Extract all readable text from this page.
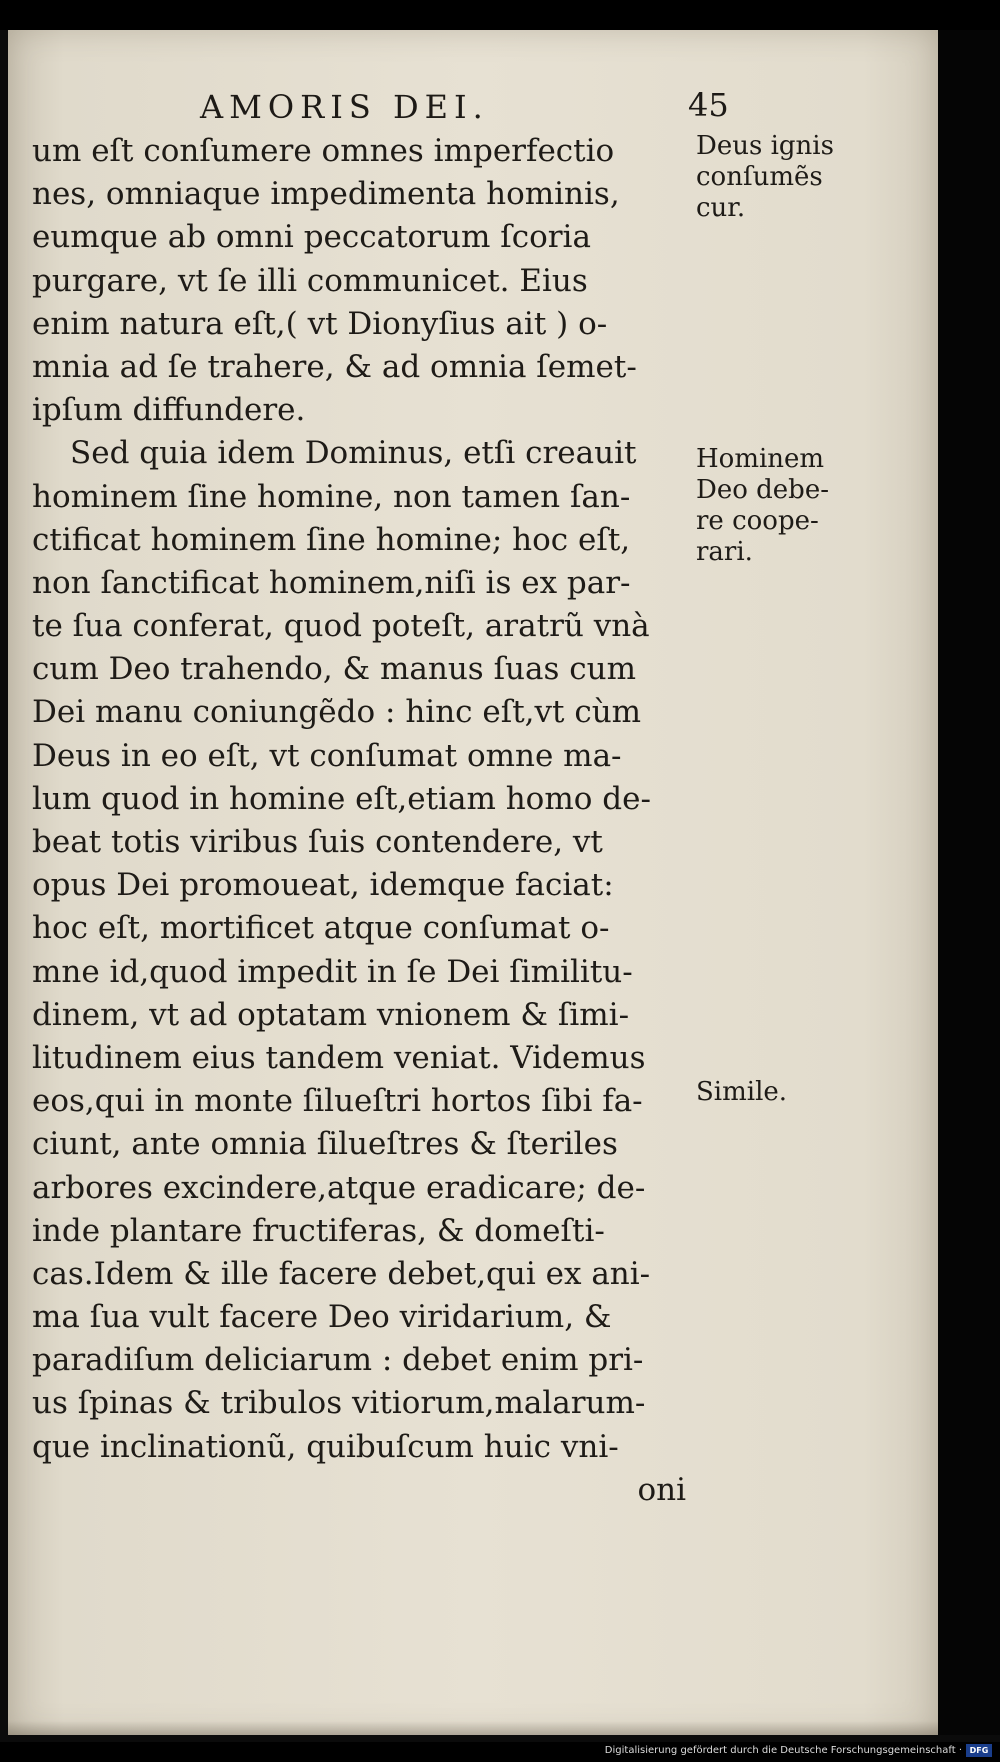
AMORIS DEI.	45
um eſt conſumere omnes imperfectio
nes, omniaque impedimenta hominis,
eumque ab omni peccatorum ſcoria
purgare, vt ſe illi communicet. Eius
enim natura eſt,( vt Dionyſius ait ) o-
mnia ad ſe trahere, & ad omnia ſemet-
ipſum diffundere.
Sed quia idem Dominus, etſi creauit
hominem ſine homine, non tamen ſan-
ctificat hominem ſine homine; hoc eſt,
non ſanctificat hominem,niſi is ex par-
te ſua conferat, quod poteſt, aratrũ vnà
cum Deo trahendo, & manus ſuas cum
Dei manu coniungẽdo : hinc eſt,vt cùm
Deus in eo eſt, vt conſumat omne ma-
lum quod in homine eſt,etiam homo de-
beat totis viribus ſuis contendere, vt
opus Dei promoueat, idemque faciat:
hoc eſt, mortificet atque conſumat o-
mne id,quod impedit in ſe Dei ſimilitu-
dinem, vt ad optatam vnionem & ſimi-
litudinem eius tandem veniat. Videmus
eos,qui in monte ſilueſtri hortos ſibi fa-
ciunt, ante omnia ſilueſtres & ſteriles
arbores excindere,atque eradicare; de-
inde plantare fructiferas, & domeſti-
cas.Idem & ille facere debet,qui ex ani-
ma ſua vult facere Deo viridarium, &
paradiſum deliciarum : debet enim pri-
us ſpinas & tribulos vitiorum,malarum-
que inclinationũ, quibuſcum huic vni-
oni
Deus ignis
conſumẽs
cur.
Hominem
Deo debe-
re coope-
rari.
Simile.
Digitalisierung gefördert durch die Deutsche Forschungsgemeinschaft · DFG
